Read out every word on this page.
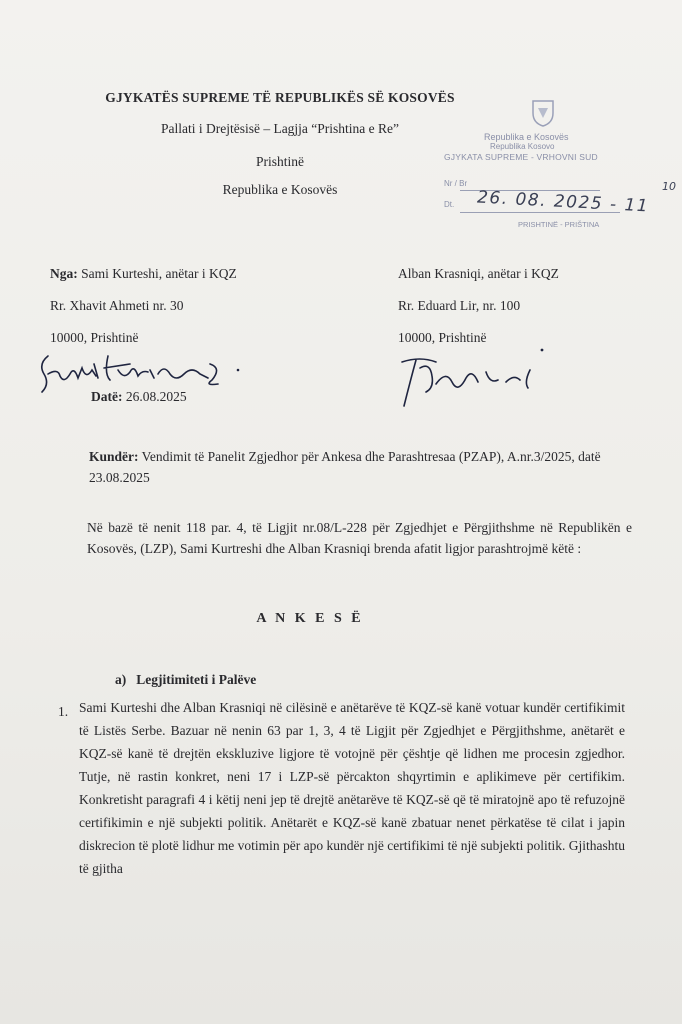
GJYKATËS SUPREME TË REPUBLIKËS SË KOSOVËS
Pallati i Drejtësisë – Lagjja “Prishtina e Re”
Prishtinë
Republika e Kosovës
Republika e Kosovës
Republika Kosovo
GJYKATA SUPREME - VRHOVNI SUD
Nr / Br
Dt.
PRISHTINË - PRIŠTINA
26. 08. 2025 - 11
10
Nga: Sami Kurteshi, anëtar i KQZ
Rr. Xhavit Ahmeti nr. 30
10000, Prishtinë
Alban Krasniqi, anëtar i KQZ
Rr. Eduard Lir, nr. 100
10000, Prishtinë
Datë: 26.08.2025
Kundër: Vendimit të Panelit Zgjedhor për Ankesa dhe Parashtresaa (PZAP), A.nr.3/2025, datë 23.08.2025
Në bazë të nenit 118 par. 4, të Ligjit nr.08/L-228 për Zgjedhjet e Përgjithshme në Republikën e Kosovës, (LZP), Sami Kurtreshi dhe Alban Krasniqi brenda afatit ligjor parashtrojmë këtë :
A N K E S Ë
a) Legjitimiteti i Palëve
1. Sami Kurteshi dhe Alban Krasniqi në cilësinë e anëtarëve të KQZ-së kanë votuar kundër certifikimit të Listës Serbe. Bazuar në nenin 63 par 1, 3, 4 të Ligjit për Zgjedhjet e Përgjithshme, anëtarët e KQZ-së kanë të drejtën ekskluzive ligjore të votojnë për çështje që lidhen me procesin zgjedhor. Tutje, në rastin konkret, neni 17 i LZP-së përcakton shqyrtimin e aplikimeve për certifikim. Konkretisht paragrafi 4 i këtij neni jep të drejtë anëtarëve të KQZ-së që të miratojnë apo të refuzojnë certifikimin e një subjekti politik. Anëtarët e KQZ-së kanë zbatuar nenet përkatëse të cilat i japin diskrecion të plotë lidhur me votimin për apo kundër një certifikimi të një subjekti politik. Gjithashtu të gjitha
